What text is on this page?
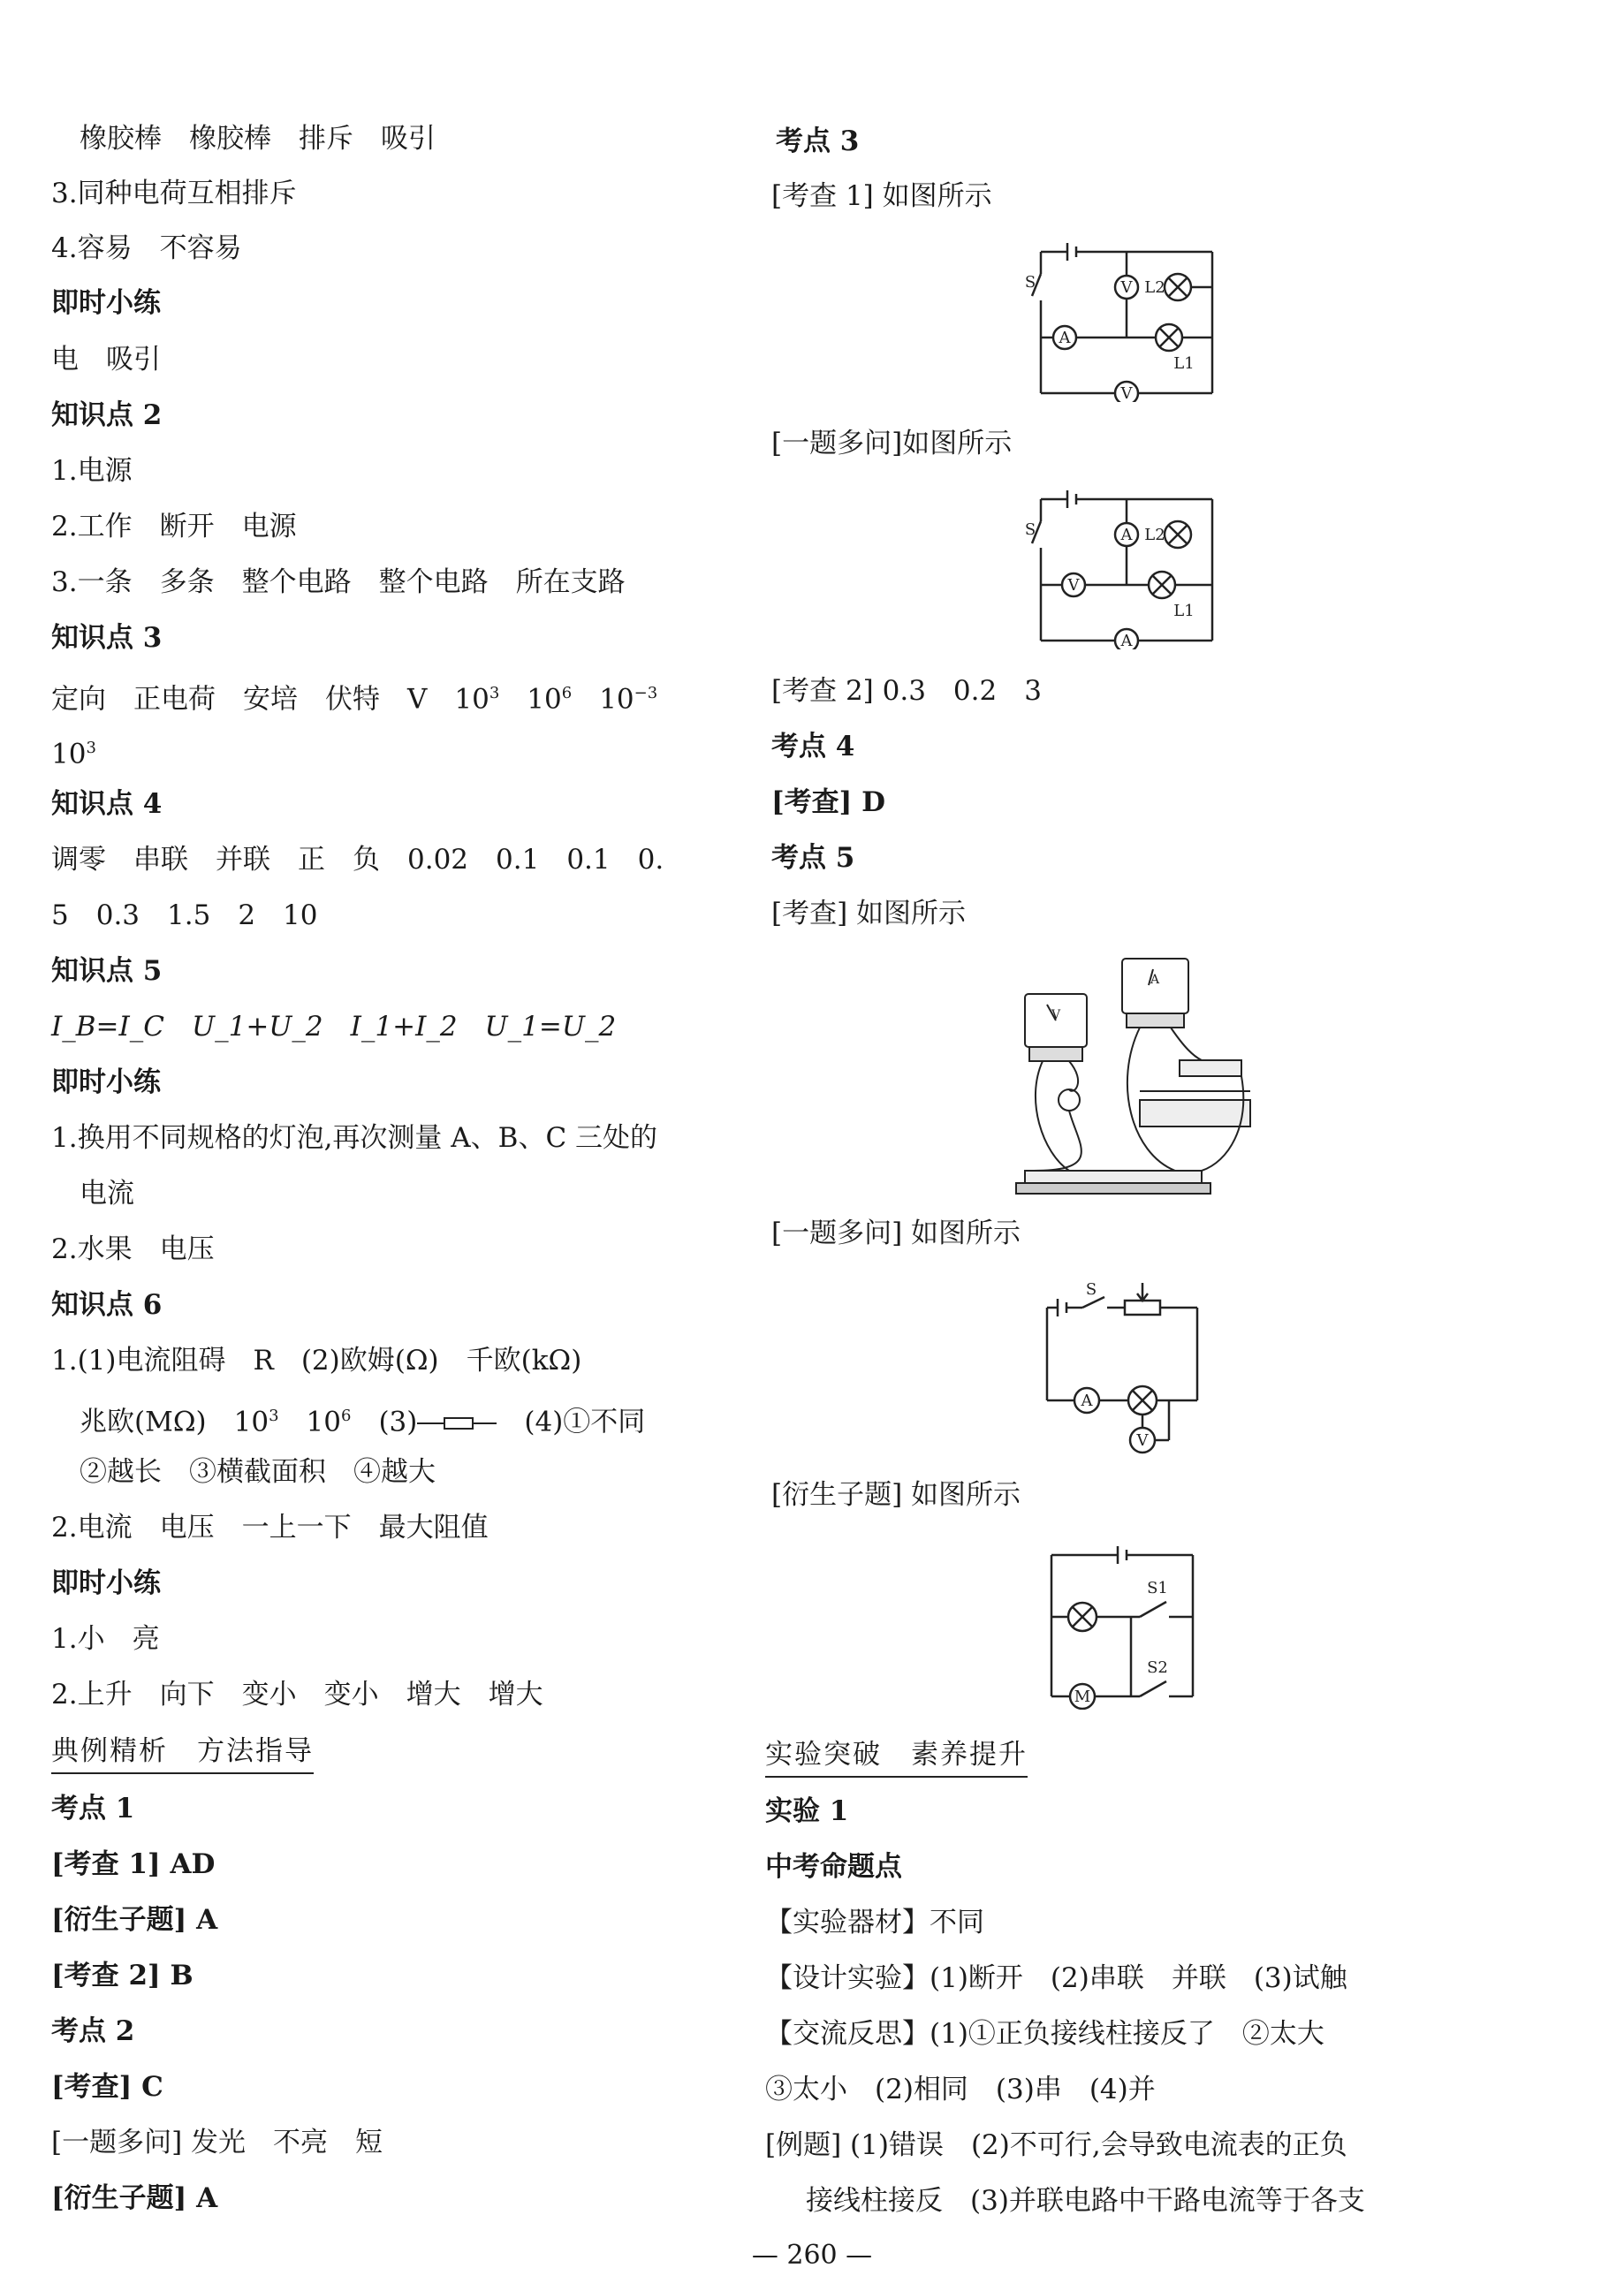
橡胶棒　橡胶棒　排斥　吸引
3.同种电荷互相排斥
4.容易　不容易
即时小练
电　吸引
知识点 2
1.电源
2.工作　断开　电源
3.一条　多条　整个电路　整个电路　所在支路
知识点 3
定向　正电荷　安培　伏特　V　$10^3$　$10^6$　$10^{-3}$
$10^3$
知识点 4
调零　串联　并联　正　负　0.02　0.1　0.1　0.
5　0.3　1.5　2　10
知识点 5
I_B=I_C　U_1+U_2　I_1+I_2　U_1=U_2
即时小练
1.换用不同规格的灯泡,再次测量 A、B、C 三处的
电流
2.水果　电压
知识点 6
1.(1)电流阻碍　R　(2)欧姆(Ω)　千欧(kΩ)
兆欧(MΩ)　$10^3$　$10^6$　(3)	　(4)①不同
②越长　③横截面积　④越大
2.电流　电压　一上一下　最大阻值
即时小练
1.小　亮
2.上升　向下　变小　变小　增大　增大
典例精析　方法指导
考点 1
[考查 1] AD
[衍生子题] A
[考查 2] B
考点 2
[考查] C
[一题多问] 发光　不亮　短
[衍生子题] A
考点 3
[考查 1] 如图所示
V
A
V
S	L2
L1
[一题多问]如图所示
A
V
A
S	L2
L1
[考查 2] 0.3　0.2　3
考点 4
[考查] D
考点 5
[考查] 如图所示
V
A
[一题多问] 如图所示
S
A
V
[衍生子题] 如图所示
S1
S2
M
实验突破　素养提升
实验 1
中考命题点
【实验器材】不同
【设计实验】(1)断开　(2)串联　并联　(3)试触
【交流反思】(1)①正负接线柱接反了　②太大
③太小　(2)相同　(3)串　(4)并
[例题] (1)错误　(2)不可行,会导致电流表的正负
接线柱接反　(3)并联电路中干路电流等于各支
— 260 —
